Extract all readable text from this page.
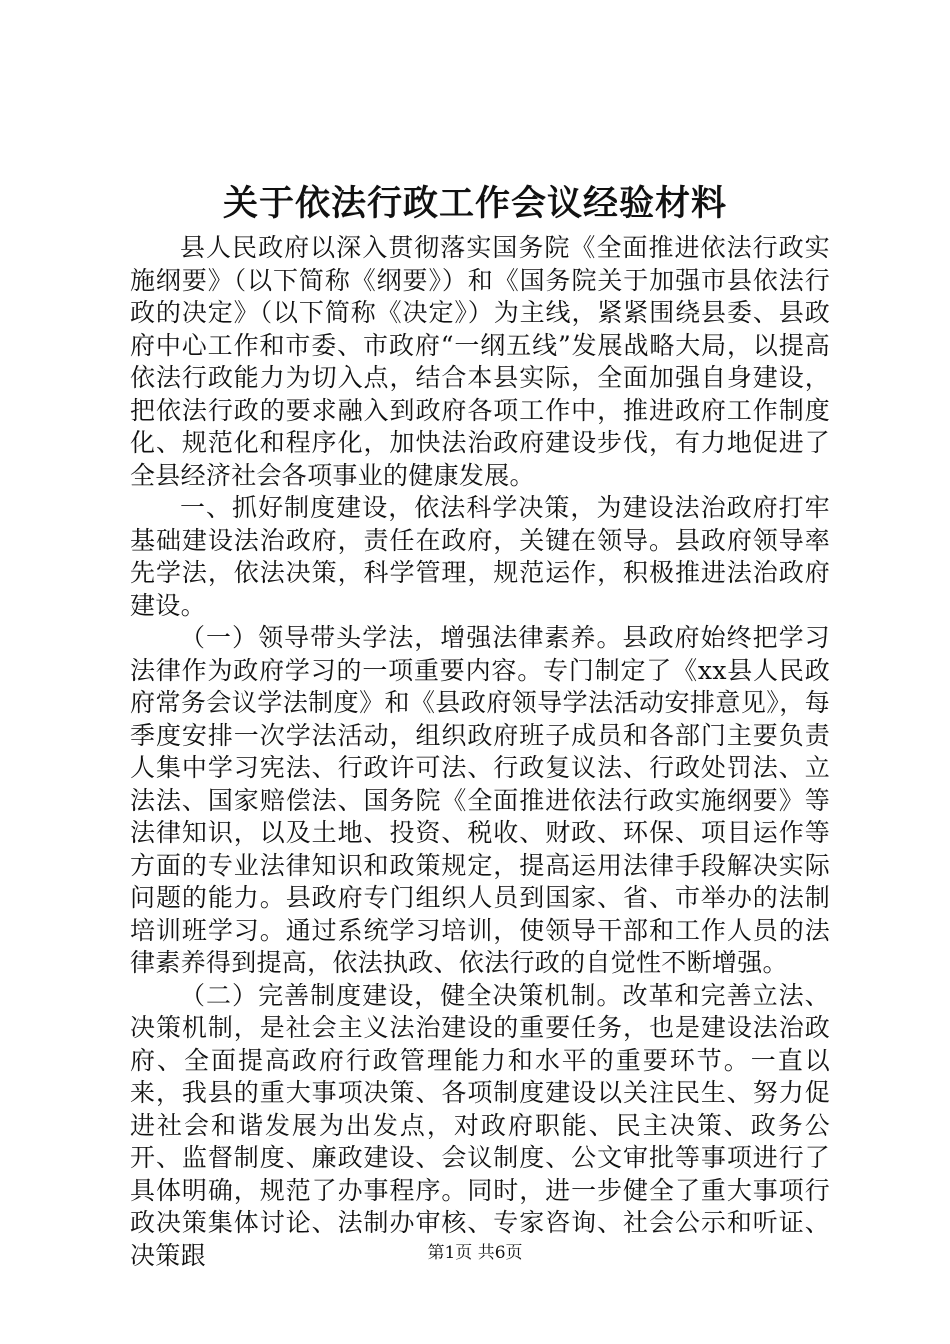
关于依法行政工作会议经验材料

县人民政府以深入贯彻落实国务院《全面推进依法行政实施纲要》（以下简称《纲要》）和《国务院关于加强市县依法行政的决定》（以下简称《决定》）为主线，紧紧围绕县委、县政府中心工作和市委、市政府“一纲五线”发展战略大局，以提高依法行政能力为切入点，结合本县实际，全面加强自身建设，把依法行政的要求融入到政府各项工作中，推进政府工作制度化、规范化和程序化，加快法治政府建设步伐，有力地促进了全县经济社会各项事业的健康发展。

一、抓好制度建设，依法科学决策，为建设法治政府打牢基础建设法治政府，责任在政府，关键在领导。县政府领导率先学法，依法决策，科学管理，规范运作，积极推进法治政府建设。

（一）领导带头学法，增强法律素养。县政府始终把学习法律作为政府学习的一项重要内容。专门制定了《xx县人民政府常务会议学法制度》和《县政府领导学法活动安排意见》，每季度安排一次学法活动，组织政府班子成员和各部门主要负责人集中学习宪法、行政许可法、行政复议法、行政处罚法、立法法、国家赔偿法、国务院《全面推进依法行政实施纲要》等法律知识，以及土地、投资、税收、财政、环保、项目运作等方面的专业法律知识和政策规定，提高运用法律手段解决实际问题的能力。县政府专门组织人员到国家、省、市举办的法制培训班学习。通过系统学习培训，使领导干部和工作人员的法律素养得到提高，依法执政、依法行政的自觉性不断增强。

（二）完善制度建设，健全决策机制。改革和完善立法、决策机制，是社会主义法治建设的重要任务，也是建设法治政府、全面提高政府行政管理能力和水平的重要环节。一直以来，我县的重大事项决策、各项制度建设以关注民生、努力促进社会和谐发展为出发点，对政府职能、民主决策、政务公开、监督制度、廉政建设、会议制度、公文审批等事项进行了具体明确，规范了办事程序。同时，进一步健全了重大事项行政决策集体讨论、法制办审核、专家咨询、社会公示和听证、决策跟	第1页 共6页
